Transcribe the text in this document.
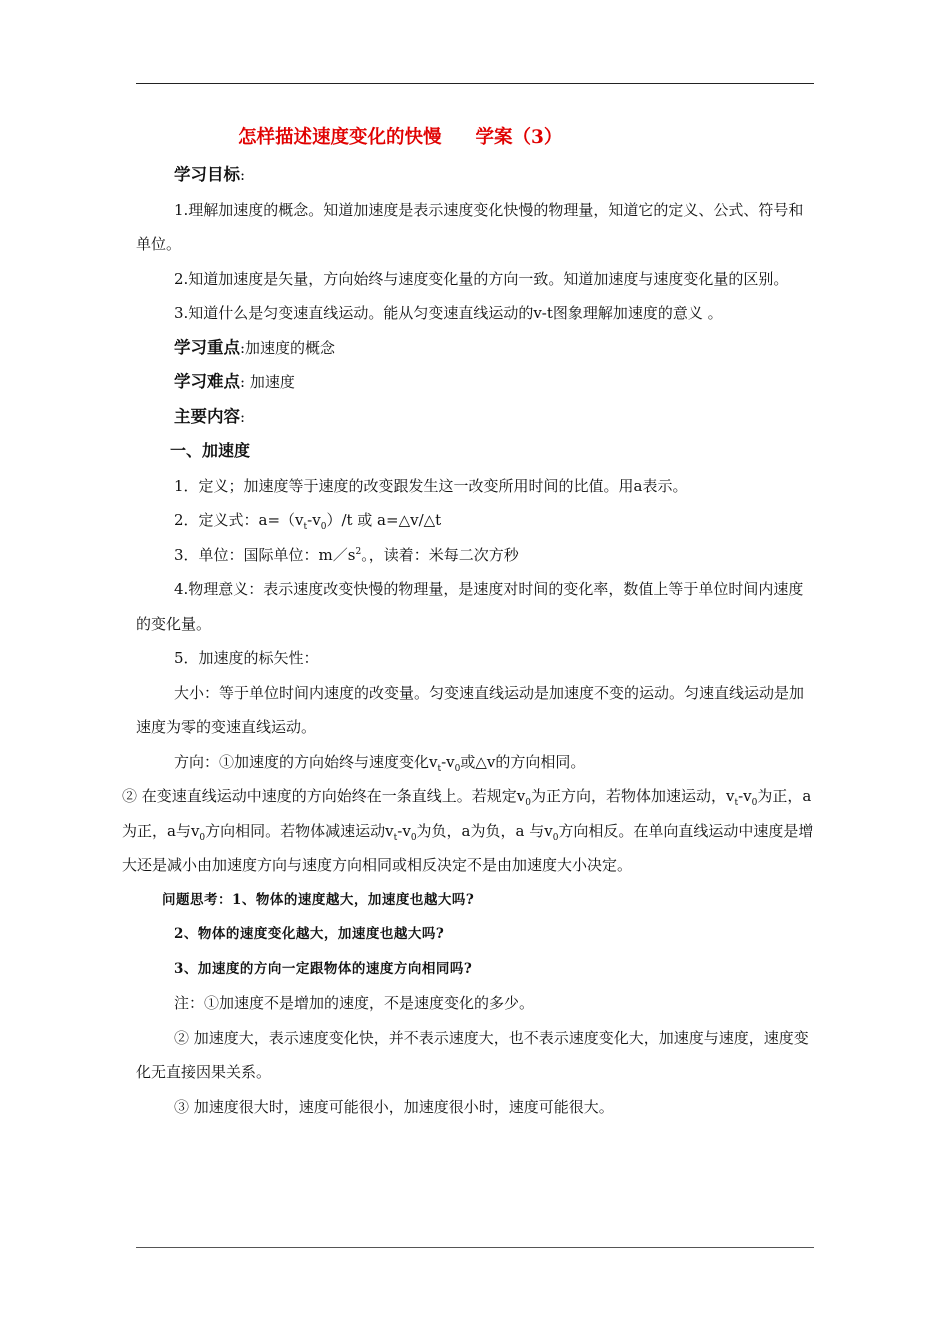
怎样描述速度变化的快慢 学案（3）

学习目标:

1.理解加速度的概念。知道加速度是表示速度变化快慢的物理量，知道它的定义、公式、符号和单位。

2.知道加速度是矢量，方向始终与速度变化量的方向一致。知道加速度与速度变化量的区别。

3.知道什么是匀变速直线运动。能从匀变速直线运动的v-t图象理解加速度的意义 。

学习重点:加速度的概念

学习难点: 加速度

主要内容:

一、加速度

1．定义；加速度等于速度的改变跟发生这一改变所用时间的比值。用a表示。

2．定义式：$a=(v_t-v_0)/t$ 或 a=△v/△t

3．单位：国际单位：$m/s^2$。，读着：米每二次方秒

4.物理意义：表示速度改变快慢的物理量，是速度对时间的变化率，数值上等于单位时间内速度的变化量。

5．加速度的标矢性：

大小：等于单位时间内速度的改变量。匀变速直线运动是加速度不变的运动。匀速直线运动是加速度为零的变速直线运动。

方向：①加速度的方向始终与速度变化$v_t-v_0$或△v的方向相同。

② 在变速直线运动中速度的方向始终在一条直线上。若规定$v_0$为正方向，若物体加速运动，$v_t-v_0$为正，a为正，a与$v_0$方向相同。若物体减速运动$v_t-v_0$为负，a为负，a 与$v_0$方向相反。在单向直线运动中速度是增大还是减小由加速度方向与速度方向相同或相反决定不是由加速度大小决定。

问题思考：1、物体的速度越大，加速度也越大吗?

2、物体的速度变化越大，加速度也越大吗?

3、加速度的方向一定跟物体的速度方向相同吗?

注：①加速度不是增加的速度，不是速度变化的多少。

② 加速度大，表示速度变化快，并不表示速度大，也不表示速度变化大，加速度与速度，速度变化无直接因果关系。

③ 加速度很大时，速度可能很小，加速度很小时，速度可能很大。
